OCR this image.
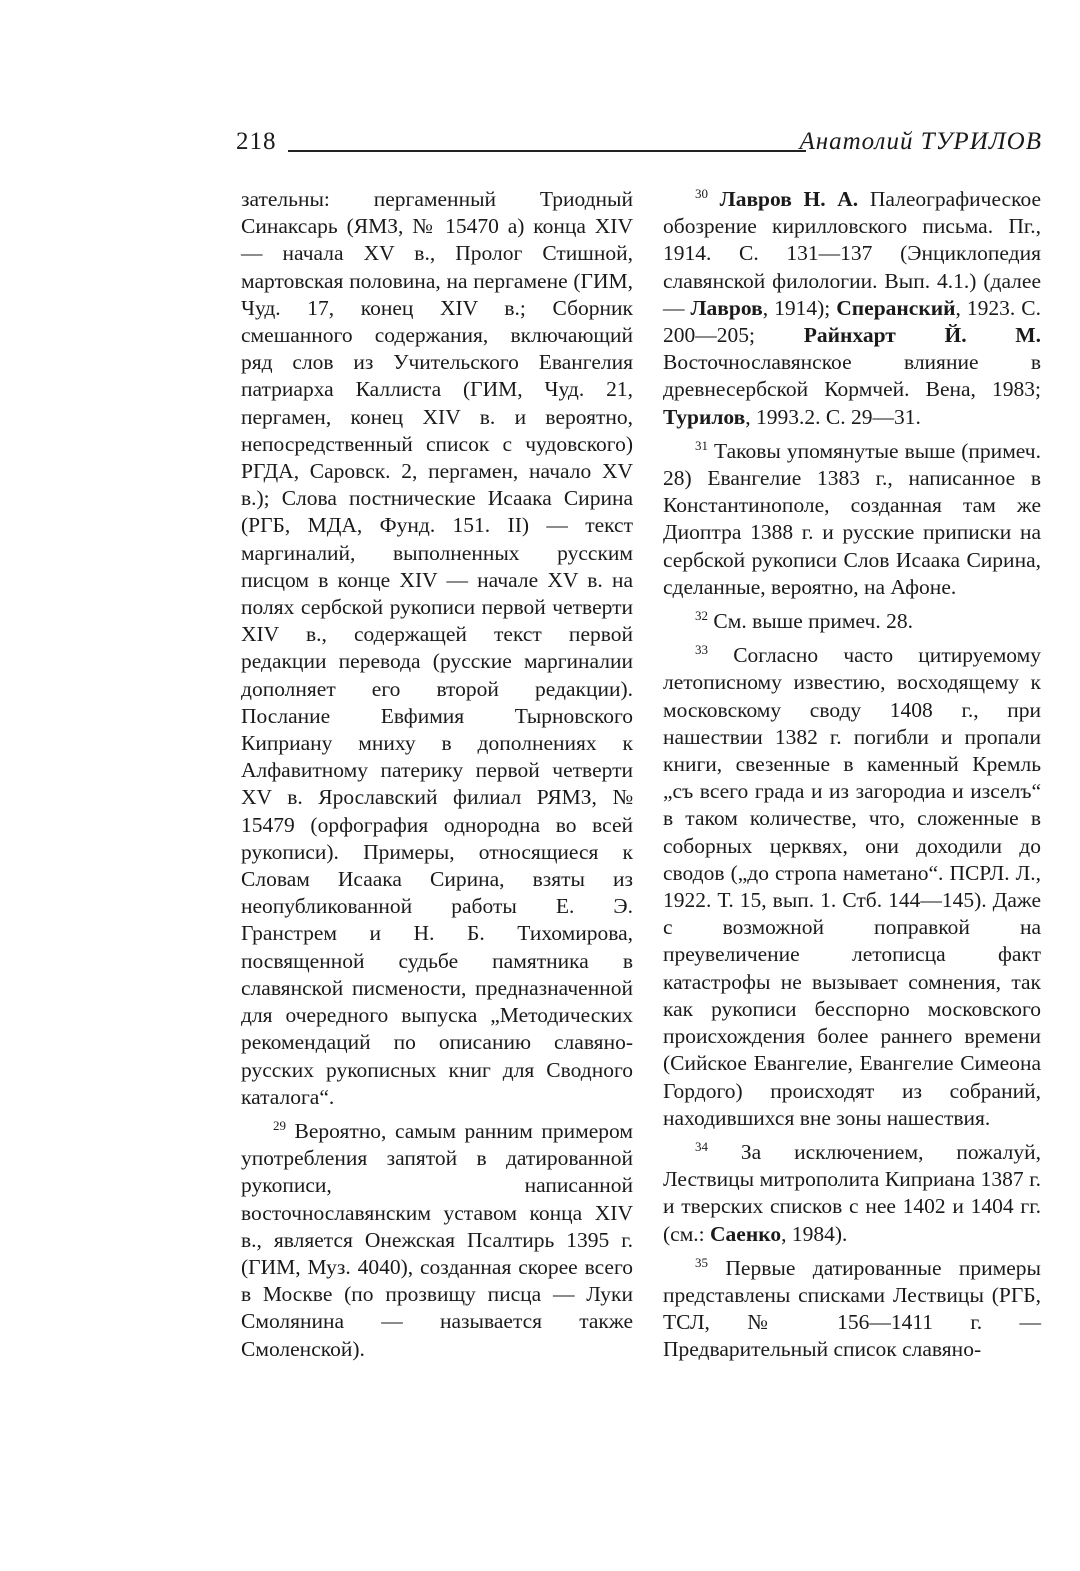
218	Анатолий ТУРИЛОВ

зательны: пергаменный Триодный Синаксарь (ЯМЗ, № 15470 а) конца XIV — начала XV в., Пролог Стишной, мартовская половина, на пергамене (ГИМ, Чуд. 17, конец XIV в.; Сборник смешанного содержания, включающий ряд слов из Учительского Евангелия патриарха Каллиста (ГИМ, Чуд. 21, пергамен, конец XIV в. и вероятно, непосредственный список с чудовского) РГДА, Саровск. 2, пергамен, начало XV в.); Слова постнические Исаака Сирина (РГБ, МДА, Фунд. 151. II) — текст маргиналий, выполненных русским писцом в конце XIV — начале XV в. на полях сербской рукописи первой четверти XIV в., содержащей текст первой редакции перевода (русские маргиналии дополняет его второй редакции). Послание Евфимия Тырновского Киприану мниху в дополнениях к Алфавитному патерику первой четверти XV в. Ярославский филиал РЯМЗ, № 15479 (орфография однородна во всей рукописи). Примеры, относящиеся к Словам Исаака Сирина, взяты из неопубликованной работы Е. Э. Гранстрем и Н. Б. Тихомирова, посвященной судьбе памятника в славянской писмености, предназначенной для очередного выпуска „Методических рекомендаций по описанию славяно-русских рукописных книг для Сводного каталога“.

$^{29}$ Вероятно, самым ранним примером употребления запятой в датированной рукописи, написанной восточнославянским уставом конца XIV в., является Онежская Псалтирь 1395 г. (ГИМ, Муз. 4040), созданная скорее всего в Москве (по прозвищу писца — Луки Смолянина — называется также Смоленской).

$^{30}$ Лавров Н. А. Палеографическое обозрение кирилловского письма. Пг., 1914. С. 131—137 (Энциклопедия славянской филологии. Вып. 4.1.) (далее — Лавров, 1914); Сперанский, 1923. С. 200—205; Райнхарт Й. М. Восточнославянское влияние в древнесербской Кормчей. Вена, 1983; Турилов, 1993.2. С. 29—31.

$^{31}$ Таковы упомянутые выше (примеч. 28) Евангелие 1383 г., написанное в Константинополе, созданная там же Диоптра 1388 г. и русские приписки на сербской рукописи Слов Исаака Сирина, сделанные, вероятно, на Афоне.

$^{32}$ См. выше примеч. 28.

$^{33}$ Согласно часто цитируемому летописному известию, восходящему к московскому своду 1408 г., при нашествии 1382 г. погибли и пропали книги, свезенные в каменный Кремль „съ всего града и из загородиа и изселъ“ в таком количестве, что, сложенные в соборных церквях, они доходили до сводов („до стропа наметано“. ПСРЛ. Л., 1922. Т. 15, вып. 1. Стб. 144—145). Даже с возможной поправкой на преувеличение летописца факт катастрофы не вызывает сомнения, так как рукописи бесспорно московского происхождения более раннего времени (Сийское Евангелие, Евангелие Симеона Гордого) происходят из собраний, находившихся вне зоны нашествия.

$^{34}$ За исключением, пожалуй, Лествицы митрополита Киприана 1387 г. и тверских списков с нее 1402 и 1404 гг. (см.: Саенко, 1984).

$^{35}$ Первые датированные примеры представлены списками Лествицы (РГБ, ТСЛ, № 156—1411 г. — Предварительный список славяно-
